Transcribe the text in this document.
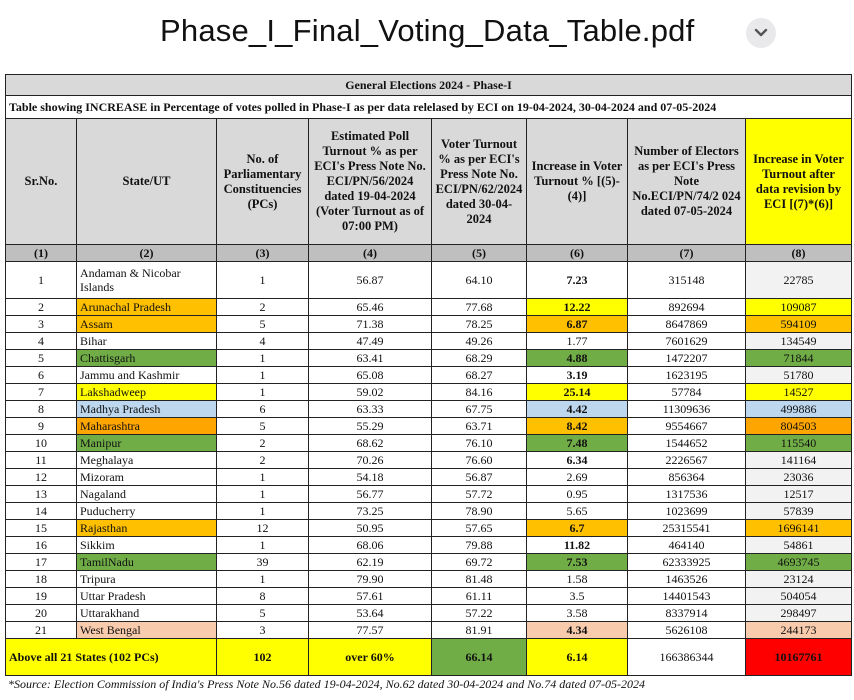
Phase_I_Final_Voting_Data_Table.pdf
General Elections 2024 - Phase-I							
Table showing INCREASE in Percentage of votes polled in Phase-I as per data relelased by ECI on 19-04-2024, 30-04-2024 and 07-05-2024							
Sr.No.	State/UT	No. of Parliamentary Constituencies (PCs)	Estimated Poll Turnout % as per ECI's Press Note No. ECI/PN/56/2024 dated 19-04-2024 (Voter Turnout as of 07:00 PM)	Voter Turnout % as per ECI's Press Note No. ECI/PN/62/2024 dated 30-04-2024	Increase in Voter Turnout % [(5)-(4)]	Number of Electors as per ECI's Press Note No.ECI/PN/74/2 024 dated 07-05-2024	Increase in Voter Turnout after data revision by ECI [(7)*(6)]
(1)	(2)	(3)	(4)	(5)	(6)	(7)	(8)
1	Andaman & Nicobar Islands	1	56.87	64.10	7.23	315148	22785
2	Arunachal Pradesh	2	65.46	77.68	12.22	892694	109087
3	Assam	5	71.38	78.25	6.87	8647869	594109
4	Bihar	4	47.49	49.26	1.77	7601629	134549
5	Chattisgarh	1	63.41	68.29	4.88	1472207	71844
6	Jammu and Kashmir	1	65.08	68.27	3.19	1623195	51780
7	Lakshadweep	1	59.02	84.16	25.14	57784	14527
8	Madhya Pradesh	6	63.33	67.75	4.42	11309636	499886
9	Maharashtra	5	55.29	63.71	8.42	9554667	804503
10	Manipur	2	68.62	76.10	7.48	1544652	115540
11	Meghalaya	2	70.26	76.60	6.34	2226567	141164
12	Mizoram	1	54.18	56.87	2.69	856364	23036
13	Nagaland	1	56.77	57.72	0.95	1317536	12517
14	Puducherry	1	73.25	78.90	5.65	1023699	57839
15	Rajasthan	12	50.95	57.65	6.7	25315541	1696141
16	Sikkim	1	68.06	79.88	11.82	464140	54861
17	TamilNadu	39	62.19	69.72	7.53	62333925	4693745
18	Tripura	1	79.90	81.48	1.58	1463526	23124
19	Uttar Pradesh	8	57.61	61.11	3.5	14401543	504054
20	Uttarakhand	5	53.64	57.22	3.58	8337914	298497
21	West Bengal	3	77.57	81.91	4.34	5626108	244173
Above all 21 States (102 PCs)		102	over 60%	66.14	6.14	166386344	10167761
*Source: Election Commission of India's Press Note No.56 dated 19-04-2024, No.62 dated 30-04-2024 and No.74 dated 07-05-2024
